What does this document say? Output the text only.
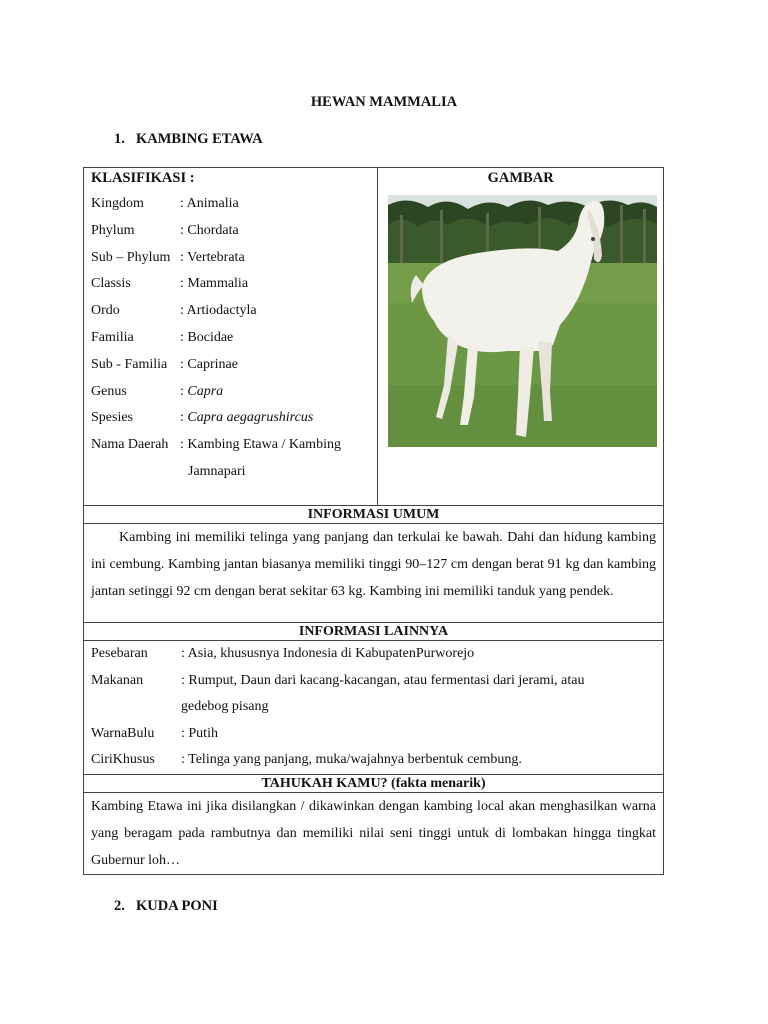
HEWAN MAMMALIA
1. KAMBING ETAWA
KLASIFIKASI :
Kingdom	: Animalia
Phylum	: Chordata
Sub – Phylum : Vertebrata
Classis	: Mammalia
Ordo	: Artiodactyla
Familia	: Bocidae
Sub - Familia : Caprinae
Genus	: Capra
Spesies	: Capra aegagrushircus
Nama Daerah : Kambing Etawa / Kambing
Jamnapari

GAMBAR

INFORMASI UMUM
Kambing ini memiliki telinga yang panjang dan terkulai ke bawah. Dahi dan hidung kambing ini cembung. Kambing jantan biasanya memiliki tinggi 90–127 cm dengan berat 91 kg dan kambing jantan setinggi 92 cm dengan berat sekitar 63 kg. Kambing ini memiliki tanduk yang pendek.
INFORMASI LAINNYA

Pesebaran	: Asia, khususnya Indonesia di KabupatenPurworejo
Makanan	: Rumput, Daun dari kacang-kacangan, atau fermentasi dari jerami, atau
gedebog pisang
WarnaBulu	: Putih
CiriKhusus	: Telinga yang panjang, muka/wajahnya berbentuk cembung.

TAHUKAH KAMU? (fakta menarik)
Kambing Etawa ini jika disilangkan / dikawinkan dengan kambing local akan menghasilkan warna yang beragam pada rambutnya dan memiliki nilai seni tinggi untuk di lombakan hingga tingkat Gubernur loh…
2. KUDA PONI
